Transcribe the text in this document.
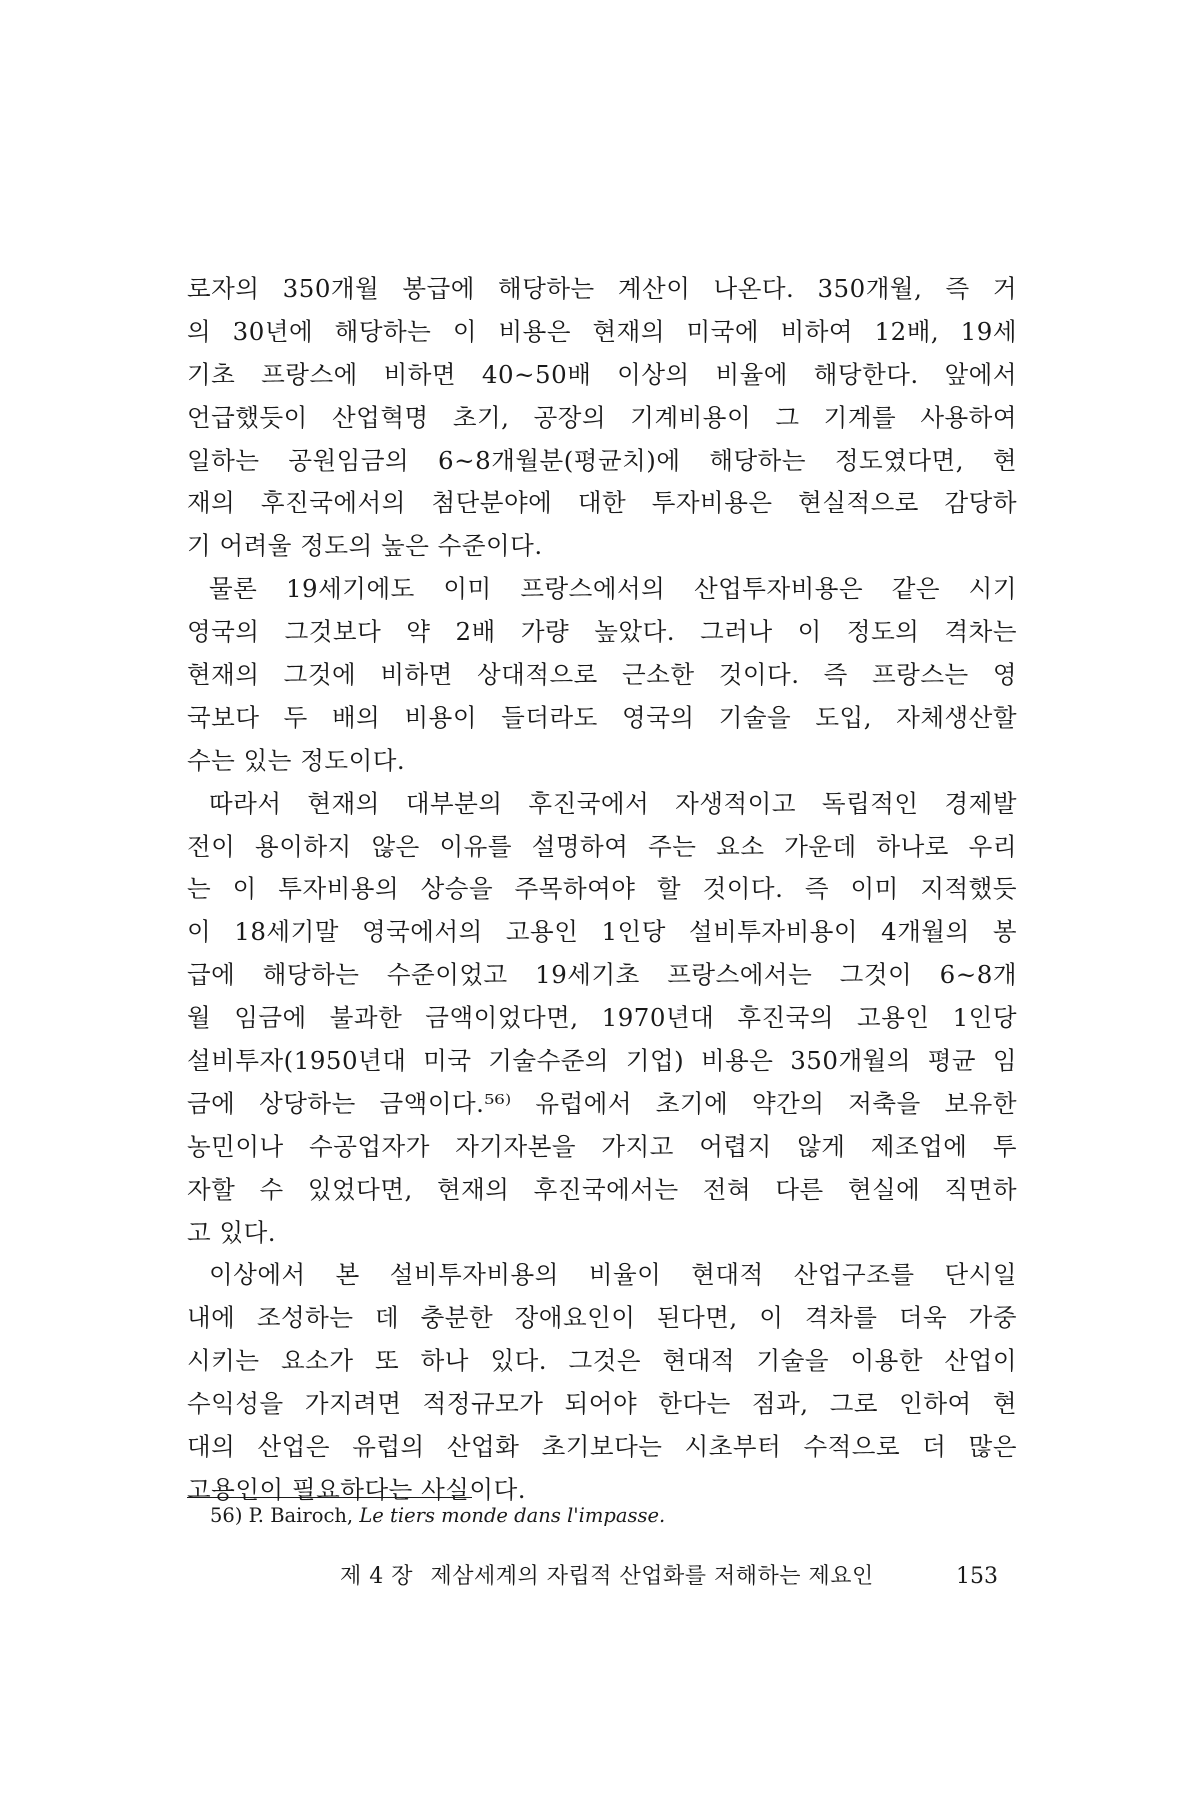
로자의 350개월 봉급에 해당하는 계산이 나온다. 350개월, 즉 거
의 30년에 해당하는 이 비용은 현재의 미국에 비하여 12배, 19세
기초 프랑스에 비하면 40~50배 이상의 비율에 해당한다. 앞에서
언급했듯이 산업혁명 초기, 공장의 기계비용이 그 기계를 사용하여
일하는 공원임금의 6~8개월분(평균치)에 해당하는 정도였다면, 현
재의 후진국에서의 첨단분야에 대한 투자비용은 현실적으로 감당하
기 어려울 정도의 높은 수준이다.
물론 19세기에도 이미 프랑스에서의 산업투자비용은 같은 시기
영국의 그것보다 약 2배 가량 높았다. 그러나 이 정도의 격차는
현재의 그것에 비하면 상대적으로 근소한 것이다. 즉 프랑스는 영
국보다 두 배의 비용이 들더라도 영국의 기술을 도입, 자체생산할
수는 있는 정도이다.
따라서 현재의 대부분의 후진국에서 자생적이고 독립적인 경제발
전이 용이하지 않은 이유를 설명하여 주는 요소 가운데 하나로 우리
는 이 투자비용의 상승을 주목하여야 할 것이다. 즉 이미 지적했듯
이 18세기말 영국에서의 고용인 1인당 설비투자비용이 4개월의 봉
급에 해당하는 수준이었고 19세기초 프랑스에서는 그것이 6~8개
월 임금에 불과한 금액이었다면, 1970년대 후진국의 고용인 1인당
설비투자(1950년대 미국 기술수준의 기업) 비용은 350개월의 평균 임
금에 상당하는 금액이다.⁵⁶⁾ 유럽에서 초기에 약간의 저축을 보유한
농민이나 수공업자가 자기자본을 가지고 어렵지 않게 제조업에 투
자할 수 있었다면, 현재의 후진국에서는 전혀 다른 현실에 직면하
고 있다.
이상에서 본 설비투자비용의 비율이 현대적 산업구조를 단시일
내에 조성하는 데 충분한 장애요인이 된다면, 이 격차를 더욱 가중
시키는 요소가 또 하나 있다. 그것은 현대적 기술을 이용한 산업이
수익성을 가지려면 적정규모가 되어야 한다는 점과, 그로 인하여 현
대의 산업은 유럽의 산업화 초기보다는 시초부터 수적으로 더 많은
고용인이 필요하다는 사실이다.
56) P. Bairoch, Le tiers monde dans l'impasse.
제 4 장 제삼세계의 자립적 산업화를 저해하는 제요인	153
